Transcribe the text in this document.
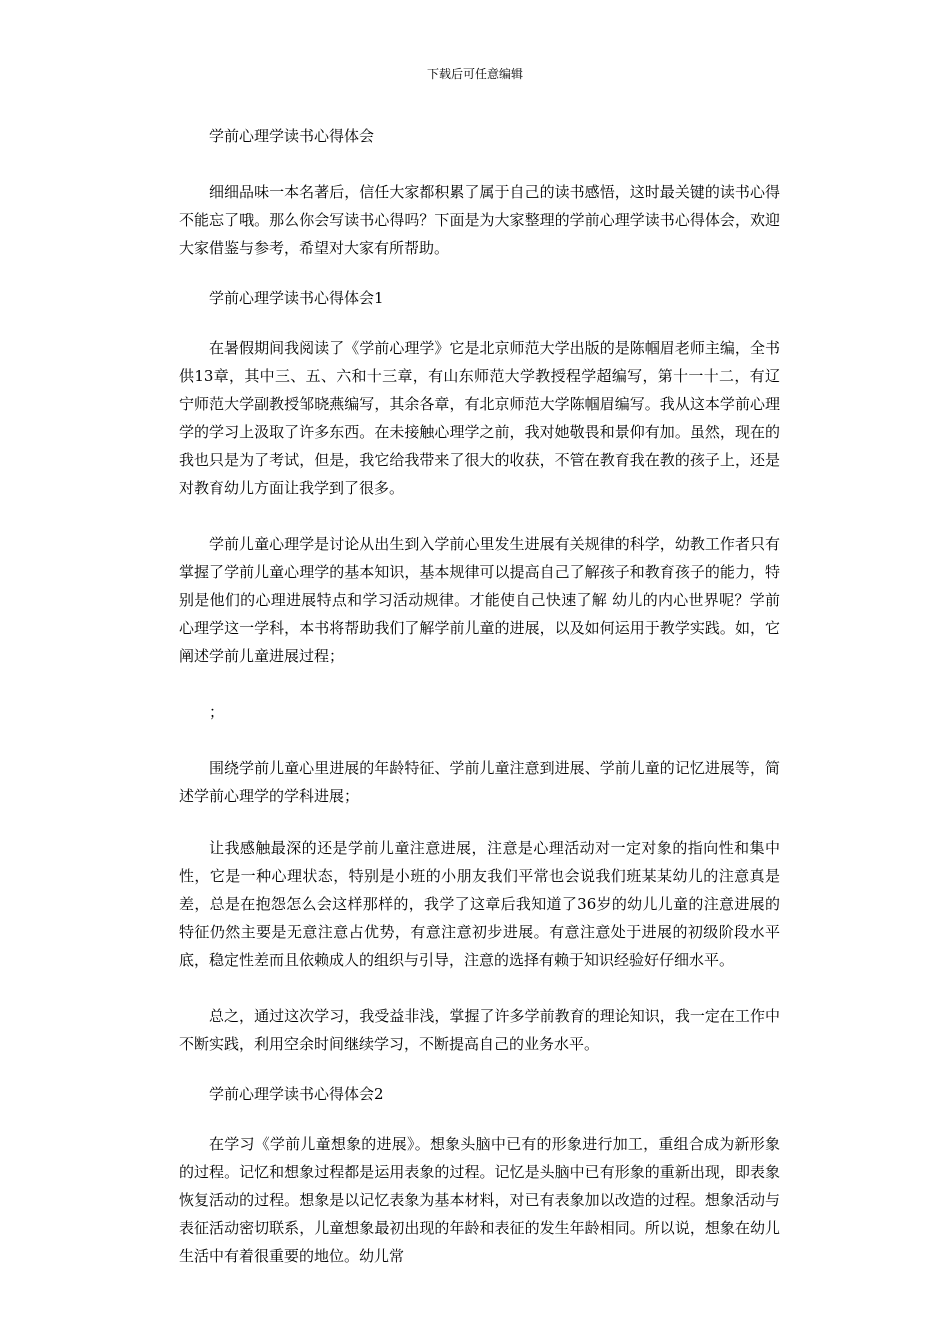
下载后可任意编辑

学前心理学读书心得体会

细细品味一本名著后，信任大家都积累了属于自己的读书感悟，这时最关键的读书心得不能忘了哦。那么你会写读书心得吗？下面是为大家整理的学前心理学读书心得体会，欢迎大家借鉴与参考，希望对大家有所帮助。

学前心理学读书心得体会1

在暑假期间我阅读了《学前心理学》它是北京师范大学出版的是陈帼眉老师主编，全书供13章，其中三、五、六和十三章，有山东师范大学教授程学超编写，第十一十二，有辽宁师范大学副教授邹晓燕编写，其余各章，有北京师范大学陈帼眉编写。我从这本学前心理学的学习上汲取了许多东西。在未接触心理学之前，我对她敬畏和景仰有加。虽然，现在的我也只是为了考试，但是，我它给我带来了很大的收获，不管在教育我在教的孩子上，还是对教育幼儿方面让我学到了很多。

学前儿童心理学是讨论从出生到入学前心里发生进展有关规律的科学，幼教工作者只有掌握了学前儿童心理学的基本知识，基本规律可以提高自己了解孩子和教育孩子的能力，特别是他们的心理进展特点和学习活动规律。才能使自己快速了解 幼儿的内心世界呢？学前心理学这一学科，本书将帮助我们了解学前儿童的进展，以及如何运用于教学实践。如，它阐述学前儿童进展过程；

；

围绕学前儿童心里进展的年龄特征、学前儿童注意到进展、学前儿童的记忆进展等，简述学前心理学的学科进展；

让我感触最深的还是学前儿童注意进展，注意是心理活动对一定对象的指向性和集中性，它是一种心理状态，特别是小班的小朋友我们平常也会说我们班某某幼儿的注意真是差，总是在抱怨怎么会这样那样的，我学了这章后我知道了36岁的幼儿儿童的注意进展的特征仍然主要是无意注意占优势，有意注意初步进展。有意注意处于进展的初级阶段水平底，稳定性差而且依赖成人的组织与引导，注意的选择有赖于知识经验好仔细水平。

总之，通过这次学习，我受益非浅，掌握了许多学前教育的理论知识，我一定在工作中不断实践，利用空余时间继续学习，不断提高自己的业务水平。

学前心理学读书心得体会2

在学习《学前儿童想象的进展》。想象头脑中已有的形象进行加工，重组合成为新形象的过程。记忆和想象过程都是运用表象的过程。记忆是头脑中已有形象的重新出现，即表象恢复活动的过程。想象是以记忆表象为基本材料，对已有表象加以改造的过程。想象活动与表征活动密切联系，儿童想象最初出现的年龄和表征的发生年龄相同。所以说，想象在幼儿生活中有着很重要的地位。幼儿常
